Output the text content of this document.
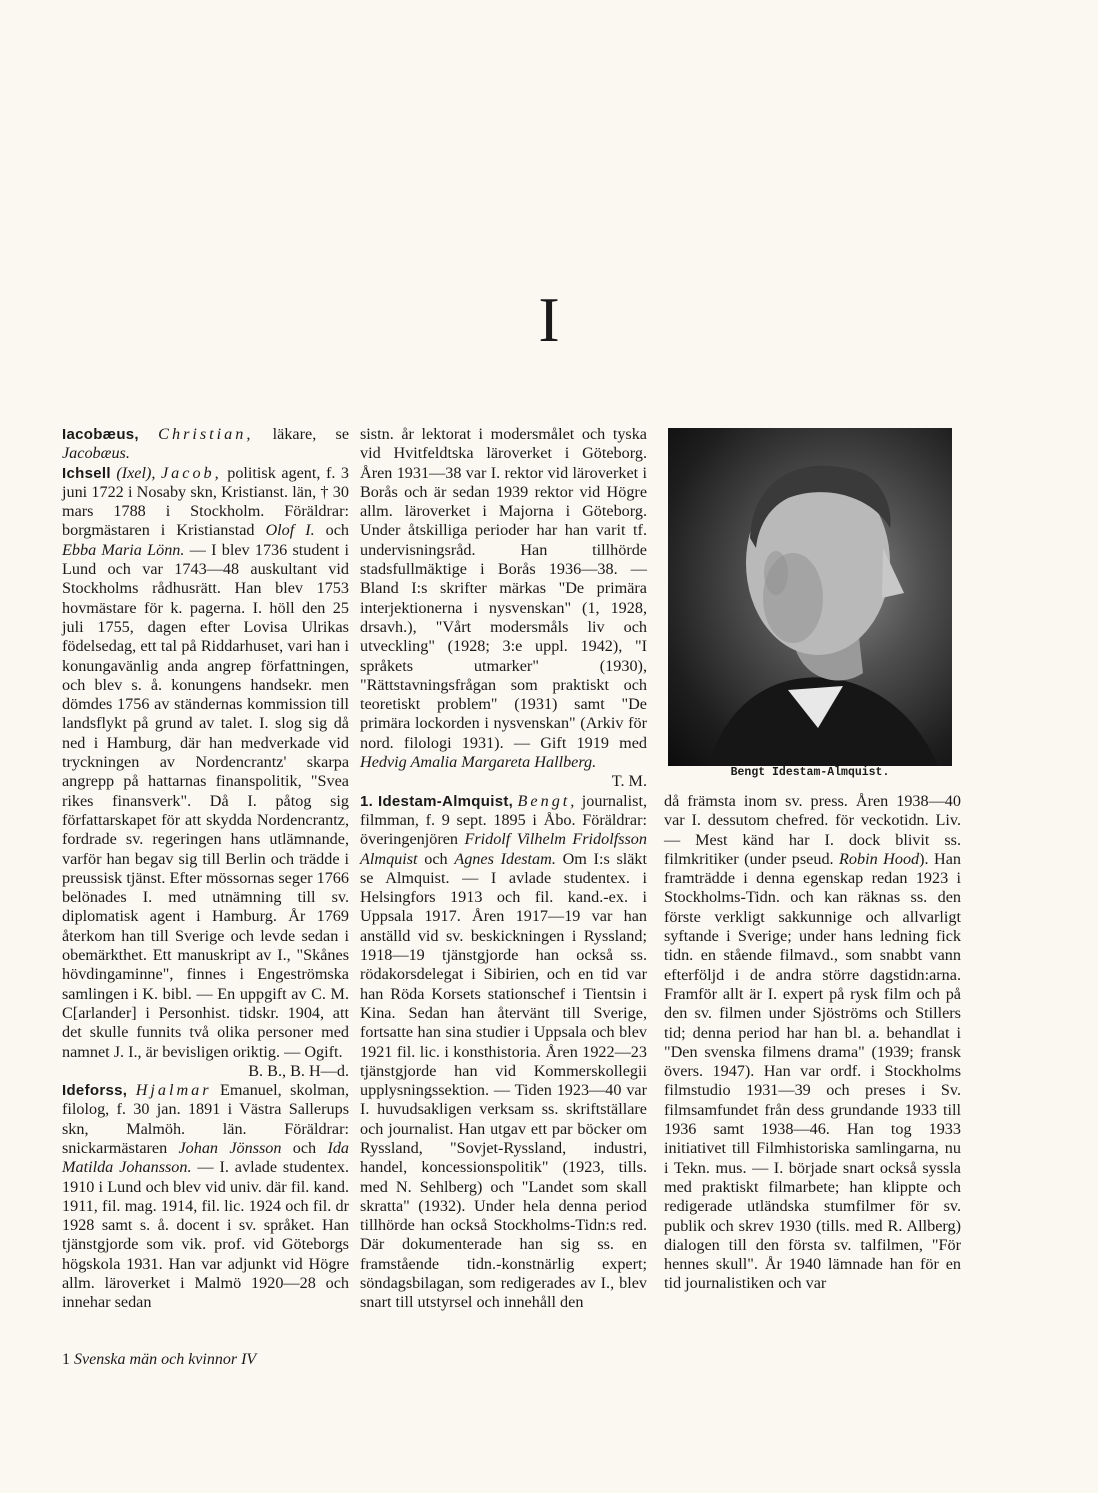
I

Iacobæus, Christian, läkare, se Jacobæus.

Ichsell (Ixel), Jacob, politisk agent, f. 3 juni 1722 i Nosaby skn, Kristianst. län, † 30 mars 1788 i Stockholm. Föräldrar: borgmästaren i Kristianstad Olof I. och Ebba Maria Lönn. — I blev 1736 student i Lund och var 1743—48 auskultant vid Stockholms rådhusrätt. Han blev 1753 hovmästare för k. pagerna. I. höll den 25 juli 1755, dagen efter Lovisa Ulrikas födelsedag, ett tal på Riddarhuset, vari han i konungavänlig anda angrep författningen, och blev s. å. konungens handsekr. men dömdes 1756 av ständernas kommission till landsflykt på grund av talet. I. slog sig då ned i Hamburg, där han medverkade vid tryckningen av Nordencrantz' skarpa angrepp på hattarnas finanspolitik, "Svea rikes finansverk". Då I. påtog sig författarskapet för att skydda Nordencrantz, fordrade sv. regeringen hans utlämnande, varför han begav sig till Berlin och trädde i preussisk tjänst. Efter mössornas seger 1766 belönades I. med utnämning till sv. diplomatisk agent i Hamburg. År 1769 återkom han till Sverige och levde sedan i obemärkthet. Ett manuskript av I., "Skånes hövdingaminne", finnes i Engeströmska samlingen i K. bibl. — En uppgift av C. M. C[arlander] i Personhist. tidskr. 1904, att det skulle funnits två olika personer med namnet J. I., är bevisligen oriktig. — Ogift.
B. B., B. H—d.

Ideforss, Hjalmar Emanuel, skolman, filolog, f. 30 jan. 1891 i Västra Sallerups skn, Malmöh. län. Föräldrar: snickarmästaren Johan Jönsson och Ida Matilda Johansson. — I. avlade studentex. 1910 i Lund och blev vid univ. där fil. kand. 1911, fil. mag. 1914, fil. lic. 1924 och fil. dr 1928 samt s. å. docent i sv. språket. Han tjänstgjorde som vik. prof. vid Göteborgs högskola 1931. Han var adjunkt vid Högre allm. läroverket i Malmö 1920—28 och innehar sedan

sistn. år lektorat i modersmålet och tyska vid Hvitfeldtska läroverket i Göteborg. Åren 1931—38 var I. rektor vid läroverket i Borås och är sedan 1939 rektor vid Högre allm. läroverket i Majorna i Göteborg. Under åtskilliga perioder har han varit tf. undervisningsråd. Han tillhörde stadsfullmäktige i Borås 1936—38. — Bland I:s skrifter märkas "De primära interjektionerna i nysvenskan" (1, 1928, drsavh.), "Vårt modersmåls liv och utveckling" (1928; 3:e uppl. 1942), "I språkets utmarker" (1930), "Rättstavningsfrågan som praktiskt och teoretiskt problem" (1931) samt "De primära lockorden i nysvenskan" (Arkiv för nord. filologi 1931). — Gift 1919 med Hedvig Amalia Margareta Hallberg.
T. M.

1. Idestam-Almquist, Bengt, journalist, filmman, f. 9 sept. 1895 i Åbo. Föräldrar: överingenjören Fridolf Vilhelm Fridolfsson Almquist och Agnes Idestam. Om I:s släkt se Almquist. — I avlade studentex. i Helsingfors 1913 och fil. kand.-ex. i Uppsala 1917. Åren 1917—19 var han anställd vid sv. beskickningen i Ryssland; 1918—19 tjänstgjorde han också ss. rödakorsdelegat i Sibirien, och en tid var han Röda Korsets stationschef i Tientsin i Kina. Sedan han återvänt till Sverige, fortsatte han sina studier i Uppsala och blev 1921 fil. lic. i konsthistoria. Åren 1922—23 tjänstgjorde han vid Kommerskollegii upplysningssektion. — Tiden 1923—40 var I. huvudsakligen verksam ss. skriftställare och journalist. Han utgav ett par böcker om Ryssland, "Sovjet-Ryssland, industri, handel, koncessionspolitik" (1923, tills. med N. Sehlberg) och "Landet som skall skratta" (1932). Under hela denna period tillhörde han också Stockholms-Tidn:s red. Där dokumenterade han sig ss. en framstående tidn.-konstnärlig expert; söndagsbilagan, som redigerades av I., blev snart till utstyrsel och innehåll den

Bengt Idestam-Almquist.

då främsta inom sv. press. Åren 1938—40 var I. dessutom chefred. för veckotidn. Liv. — Mest känd har I. dock blivit ss. filmkritiker (under pseud. Robin Hood). Han framträdde i denna egenskap redan 1923 i Stockholms-Tidn. och kan räknas ss. den förste verkligt sakkunnige och allvarligt syftande i Sverige; under hans ledning fick tidn. en stående filmavd., som snabbt vann efterföljd i de andra större dagstidn:arna. Framför allt är I. expert på rysk film och på den sv. filmen under Sjöströms och Stillers tid; denna period har han bl. a. behandlat i "Den svenska filmens drama" (1939; fransk övers. 1947). Han var ordf. i Stockholms filmstudio 1931—39 och preses i Sv. filmsamfundet från dess grundande 1933 till 1936 samt 1938—46. Han tog 1933 initiativet till Filmhistoriska samlingarna, nu i Tekn. mus. — I. började snart också syssla med praktiskt filmarbete; han klippte och redigerade utländska stumfilmer för sv. publik och skrev 1930 (tills. med R. Allberg) dialogen till den första sv. talfilmen, "För hennes skull". År 1940 lämnade han för en tid journalistiken och var

1 Svenska män och kvinnor IV
